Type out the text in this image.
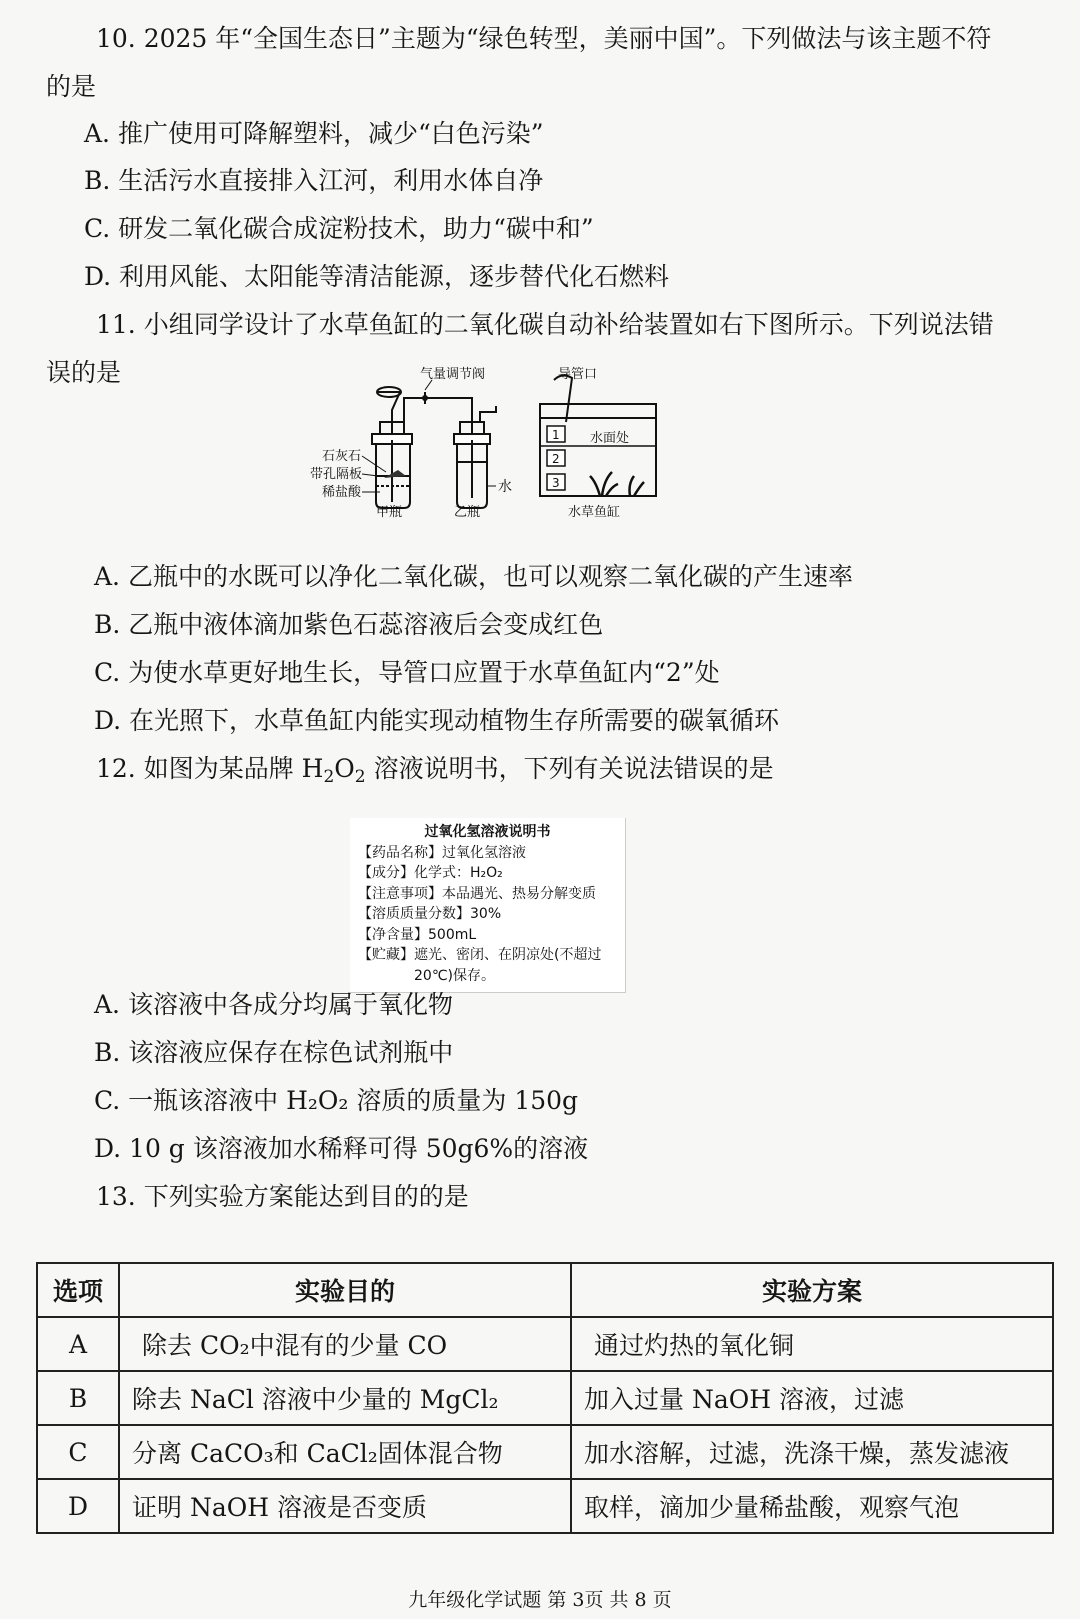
10. 2025 年“全国生态日”主题为“绿色转型，美丽中国”。下列做法与该主题不符
的是
A. 推广使用可降解塑料，减少“白色污染”
B. 生活污水直接排入江河，利用水体自净
C. 研发二氧化碳合成淀粉技术，助力“碳中和”
D. 利用风能、太阳能等清洁能源，逐步替代化石燃料
11. 小组同学设计了水草鱼缸的二氧化碳自动补给装置如右下图所示。下列说法错
误的是	气量调节阀
水
石灰石
带孔隔板
稀盐酸
甲瓶	乙瓶
导管口
1
2
3
水面处
水草鱼缸
A. 乙瓶中的水既可以净化二氧化碳，也可以观察二氧化碳的产生速率
B. 乙瓶中液体滴加紫色石蕊溶液后会变成红色
C. 为使水草更好地生长，导管口应置于水草鱼缸内“2”处
D. 在光照下，水草鱼缸内能实现动植物生存所需要的碳氧循环
12. 如图为某品牌 $H_2O_2$ 溶液说明书，下列有关说法错误的是
过氧化氢溶液说明书
【药品名称】过氧化氢溶液
【成分】化学式：H₂O₂
【注意事项】本品遇光、热易分解变质
【溶质质量分数】30%
【净含量】500mL
【贮藏】遮光、密闭、在阴凉处(不超过
20℃)保存。
A. 该溶液中各成分均属于氧化物
B. 该溶液应保存在棕色试剂瓶中
C. 一瓶该溶液中 H₂O₂ 溶质的质量为 150g
D. 10 g 该溶液加水稀释可得 50g6%的溶液
13. 下列实验方案能达到目的的是
选项	实验目的	实验方案
A	除去 CO₂中混有的少量 CO	通过灼热的氧化铜
B	除去 NaCl 溶液中少量的 MgCl₂	加入过量 NaOH 溶液，过滤
C	分离 CaCO₃和 CaCl₂固体混合物	加水溶解，过滤，洗涤干燥，蒸发滤液
D	证明 NaOH 溶液是否变质	取样，滴加少量稀盐酸，观察气泡
九年级化学试题 第 3页 共 8 页
